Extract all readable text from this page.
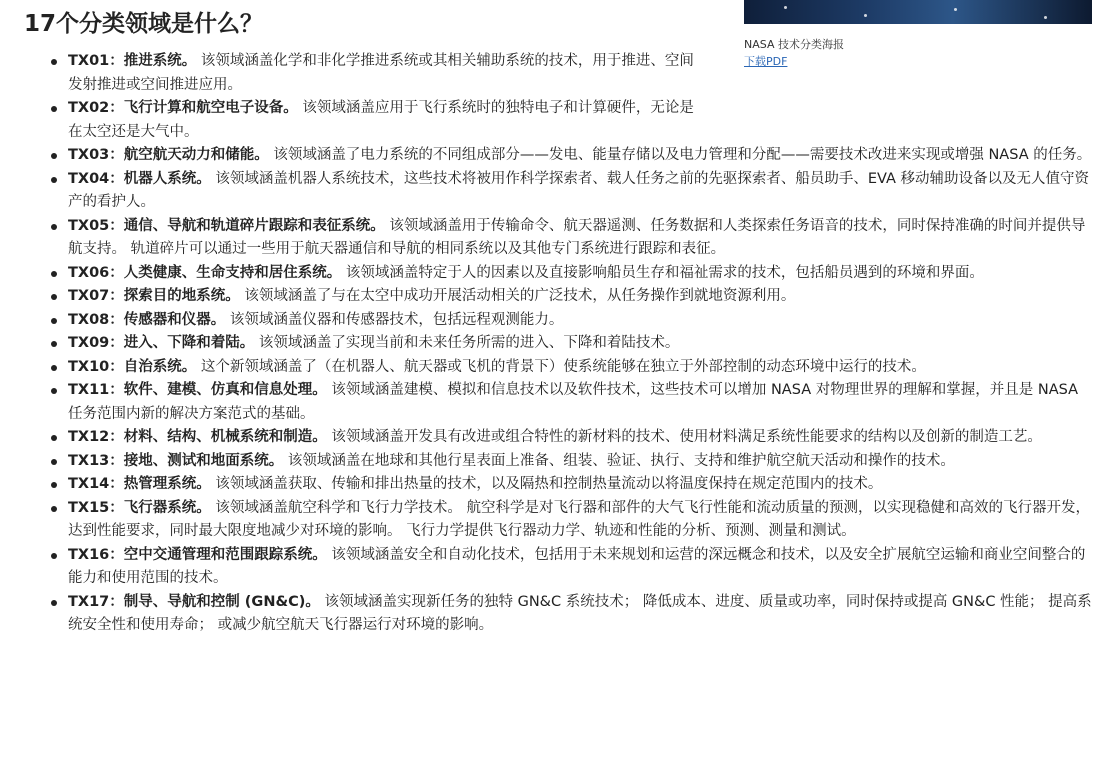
17个分类领域是什么？
NASA 技术分类海报
下载PDF
TX01：推进系统。 该领域涵盖化学和非化学推进系统或其相关辅助系统的技术，用于推进、空间发射推进或空间推进应用。
TX02：飞行计算和航空电子设备。 该领域涵盖应用于飞行系统时的独特电子和计算硬件，无论是在太空还是大气中。
TX03：航空航天动力和储能。 该领域涵盖了电力系统的不同组成部分——发电、能量存储以及电力管理和分配——需要技术改进来实现或增强 NASA 的任务。
TX04：机器人系统。 该领域涵盖机器人系统技术，这些技术将被用作科学探索者、载人任务之前的先驱探索者、船员助手、EVA 移动辅助设备以及无人值守资产的看护人。
TX05：通信、导航和轨道碎片跟踪和表征系统。 该领域涵盖用于传输命令、航天器遥测、任务数据和人类探索任务语音的技术，同时保持准确的时间并提供导航支持。 轨道碎片可以通过一些用于航天器通信和导航的相同系统以及其他专门系统进行跟踪和表征。
TX06：人类健康、生命支持和居住系统。 该领域涵盖特定于人的因素以及直接影响船员生存和福祉需求的技术，包括船员遇到的环境和界面。
TX07：探索目的地系统。 该领域涵盖了与在太空中成功开展活动相关的广泛技术，从任务操作到就地资源利用。
TX08：传感器和仪器。 该领域涵盖仪器和传感器技术，包括远程观测能力。
TX09：进入、下降和着陆。 该领域涵盖了实现当前和未来任务所需的进入、下降和着陆技术。
TX10：自治系统。 这个新领域涵盖了（在机器人、航天器或飞机的背景下）使系统能够在独立于外部控制的动态环境中运行的技术。
TX11：软件、建模、仿真和信息处理。 该领域涵盖建模、模拟和信息技术以及软件技术，这些技术可以增加 NASA 对物理世界的理解和掌握，并且是 NASA 任务范围内新的解决方案范式的基础。
TX12：材料、结构、机械系统和制造。 该领域涵盖开发具有改进或组合特性的新材料的技术、使用材料满足系统性能要求的结构以及创新的制造工艺。
TX13：接地、测试和地面系统。 该领域涵盖在地球和其他行星表面上准备、组装、验证、执行、支持和维护航空航天活动和操作的技术。
TX14：热管理系统。 该领域涵盖获取、传输和排出热量的技术，以及隔热和控制热量流动以将温度保持在规定范围内的技术。
TX15：飞行器系统。 该领域涵盖航空科学和飞行力学技术。 航空科学是对飞行器和部件的大气飞行性能和流动质量的预测，以实现稳健和高效的飞行器开发，达到性能要求，同时最大限度地减少对环境的影响。 飞行力学提供飞行器动力学、轨迹和性能的分析、预测、测量和测试。
TX16：空中交通管理和范围跟踪系统。 该领域涵盖安全和自动化技术，包括用于未来规划和运营的深远概念和技术，以及安全扩展航空运输和商业空间整合的能力和使用范围的技术。
TX17：制导、导航和控制 (GN&C)。 该领域涵盖实现新任务的独特 GN&C 系统技术； 降低成本、进度、质量或功率，同时保持或提高 GN&C 性能； 提高系统安全性和使用寿命； 或减少航空航天飞行器运行对环境的影响。
